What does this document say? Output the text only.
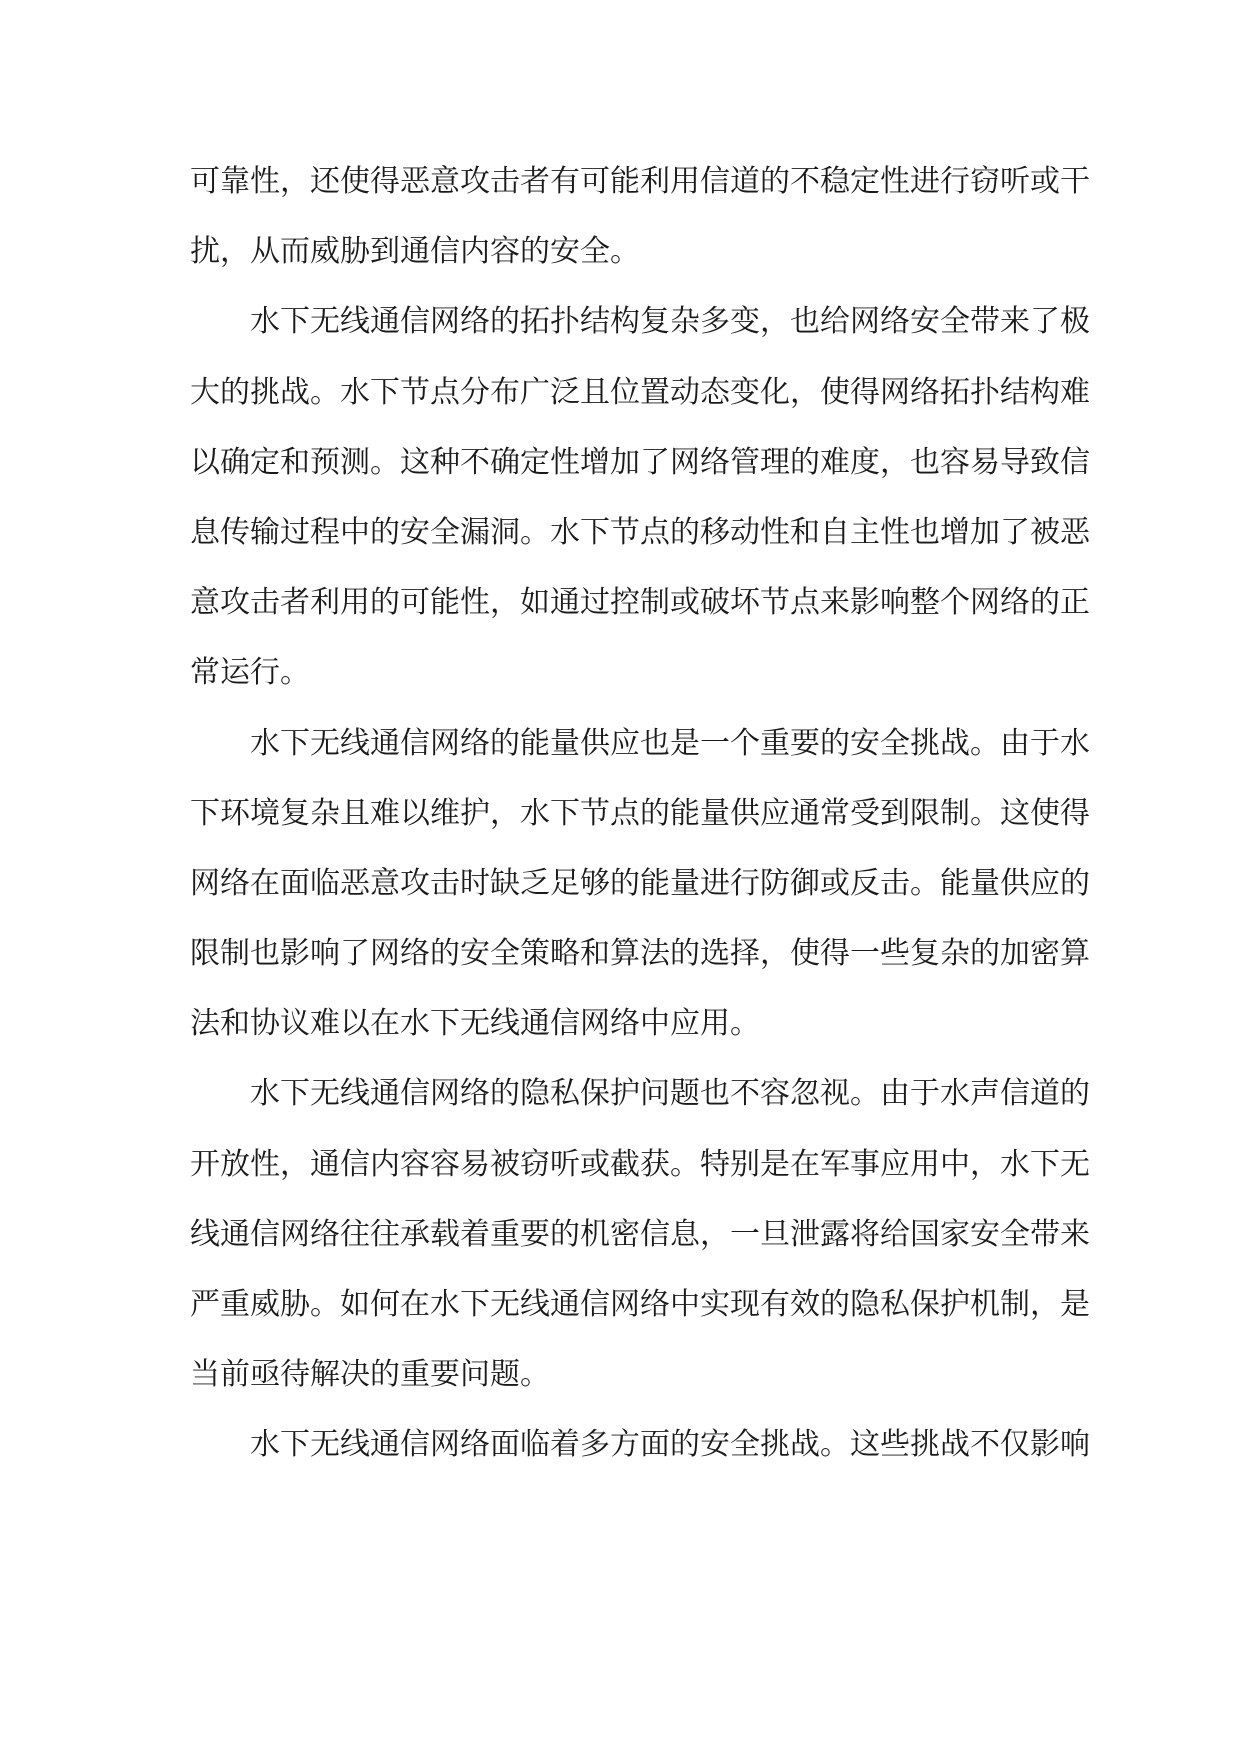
可靠性，还使得恶意攻击者有可能利用信道的不稳定性进行窃听或干
扰，从而威胁到通信内容的安全。
水下无线通信网络的拓扑结构复杂多变，也给网络安全带来了极
大的挑战。水下节点分布广泛且位置动态变化，使得网络拓扑结构难
以确定和预测。这种不确定性增加了网络管理的难度，也容易导致信
息传输过程中的安全漏洞。水下节点的移动性和自主性也增加了被恶
意攻击者利用的可能性，如通过控制或破坏节点来影响整个网络的正
常运行。
水下无线通信网络的能量供应也是一个重要的安全挑战。由于水
下环境复杂且难以维护，水下节点的能量供应通常受到限制。这使得
网络在面临恶意攻击时缺乏足够的能量进行防御或反击。能量供应的
限制也影响了网络的安全策略和算法的选择，使得一些复杂的加密算
法和协议难以在水下无线通信网络中应用。
水下无线通信网络的隐私保护问题也不容忽视。由于水声信道的
开放性，通信内容容易被窃听或截获。特别是在军事应用中，水下无
线通信网络往往承载着重要的机密信息，一旦泄露将给国家安全带来
严重威胁。如何在水下无线通信网络中实现有效的隐私保护机制，是
当前亟待解决的重要问题。
水下无线通信网络面临着多方面的安全挑战。这些挑战不仅影响
